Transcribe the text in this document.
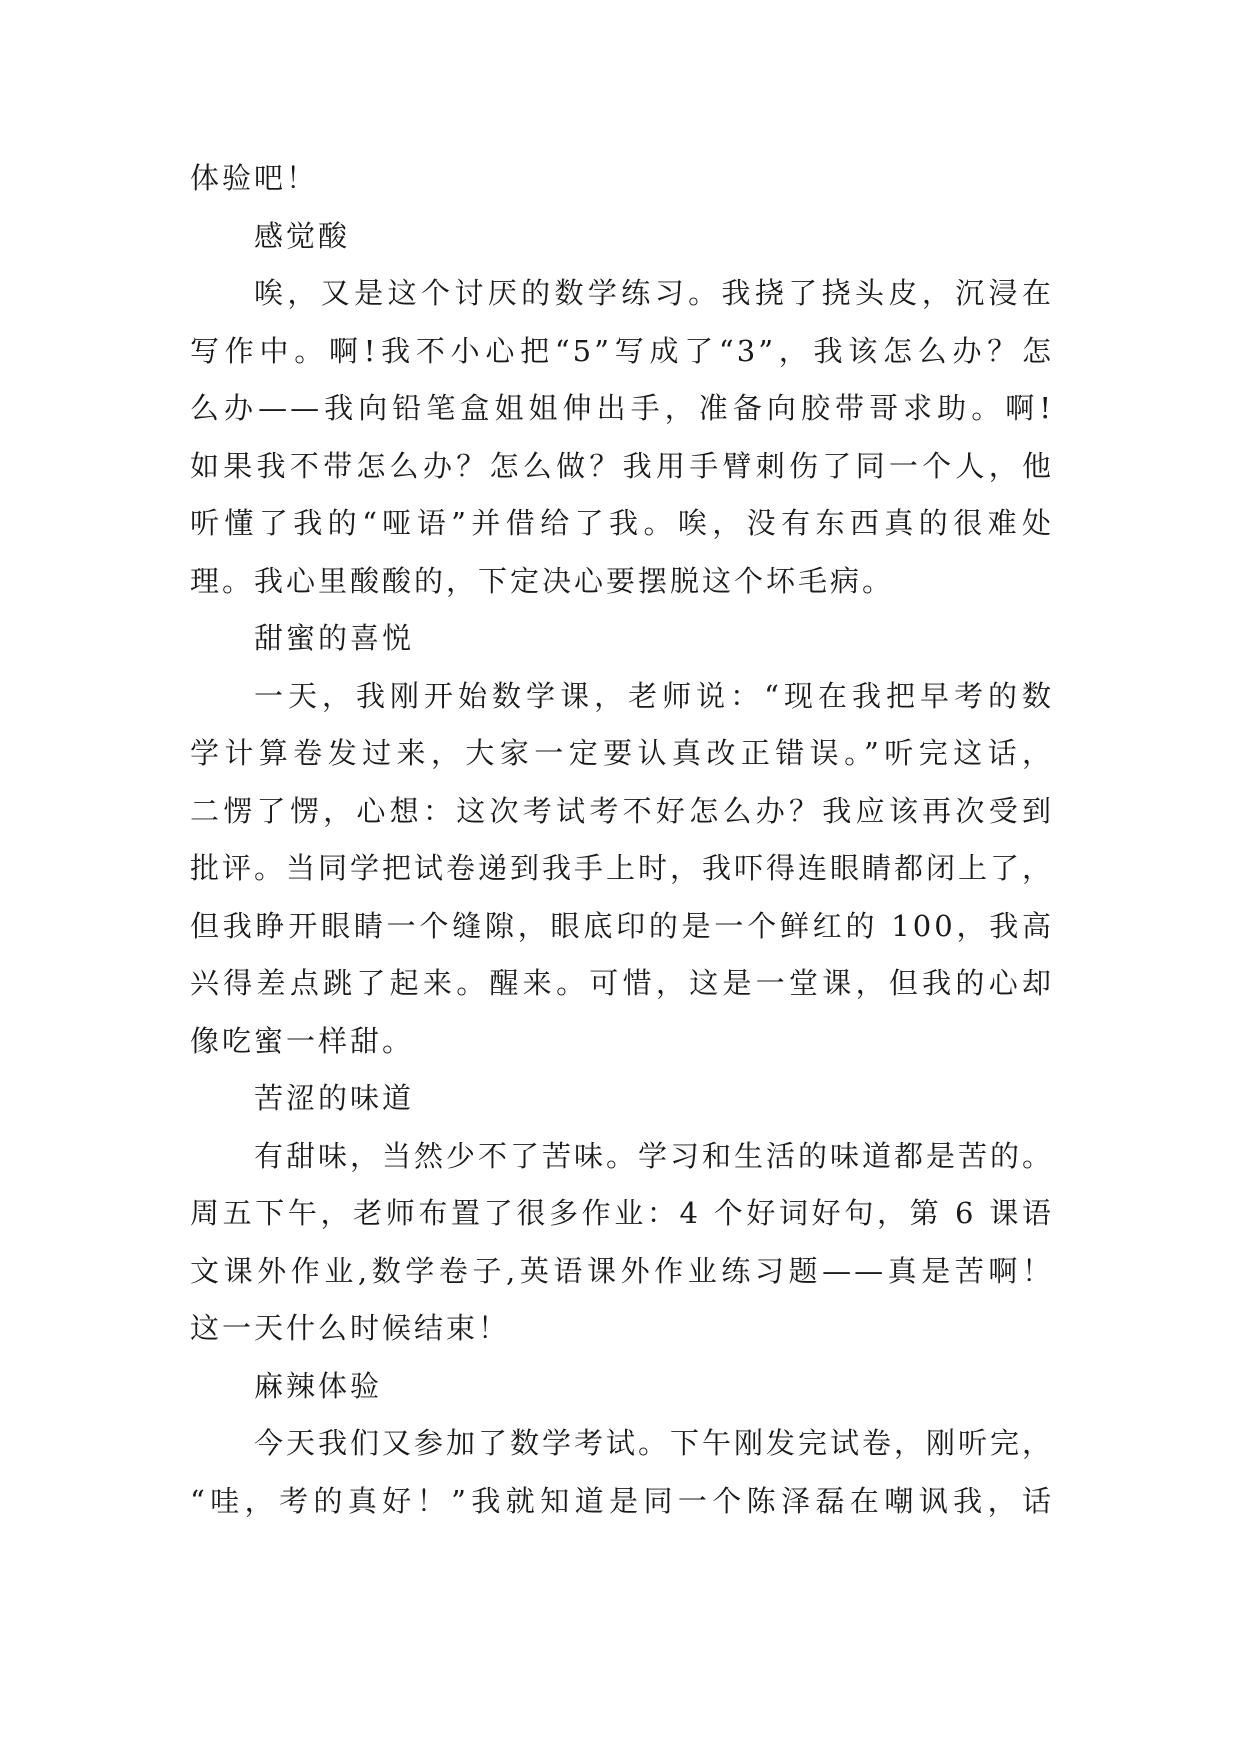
体验吧！
感觉酸
唉，又是这个讨厌的数学练习。我挠了挠头皮，沉浸在
写作中。啊!我不小心把“5”写成了“3”，我该怎么办？怎
么办——我向铅笔盒姐姐伸出手，准备向胶带哥求助。啊!
如果我不带怎么办？怎么做？我用手臂刺伤了同一个人，他
听懂了我的“哑语”并借给了我。唉，没有东西真的很难处
理。我心里酸酸的，下定决心要摆脱这个坏毛病。
甜蜜的喜悦
一天，我刚开始数学课，老师说：“现在我把早考的数
学计算卷发过来，大家一定要认真改正错误。”听完这话，
二愣了愣，心想：这次考试考不好怎么办？我应该再次受到
批评。当同学把试卷递到我手上时，我吓得连眼睛都闭上了，
但我睁开眼睛一个缝隙，眼底印的是一个鲜红的 100，我高
兴得差点跳了起来。醒来。可惜，这是一堂课，但我的心却
像吃蜜一样甜。
苦涩的味道
有甜味，当然少不了苦味。学习和生活的味道都是苦的。
周五下午，老师布置了很多作业：4 个好词好句，第 6 课语
文课外作业,数学卷子,英语课外作业练习题——真是苦啊！
这一天什么时候结束！
麻辣体验
今天我们又参加了数学考试。下午刚发完试卷，刚听完，
“哇，考的真好！”我就知道是同一个陈泽磊在嘲讽我，话
